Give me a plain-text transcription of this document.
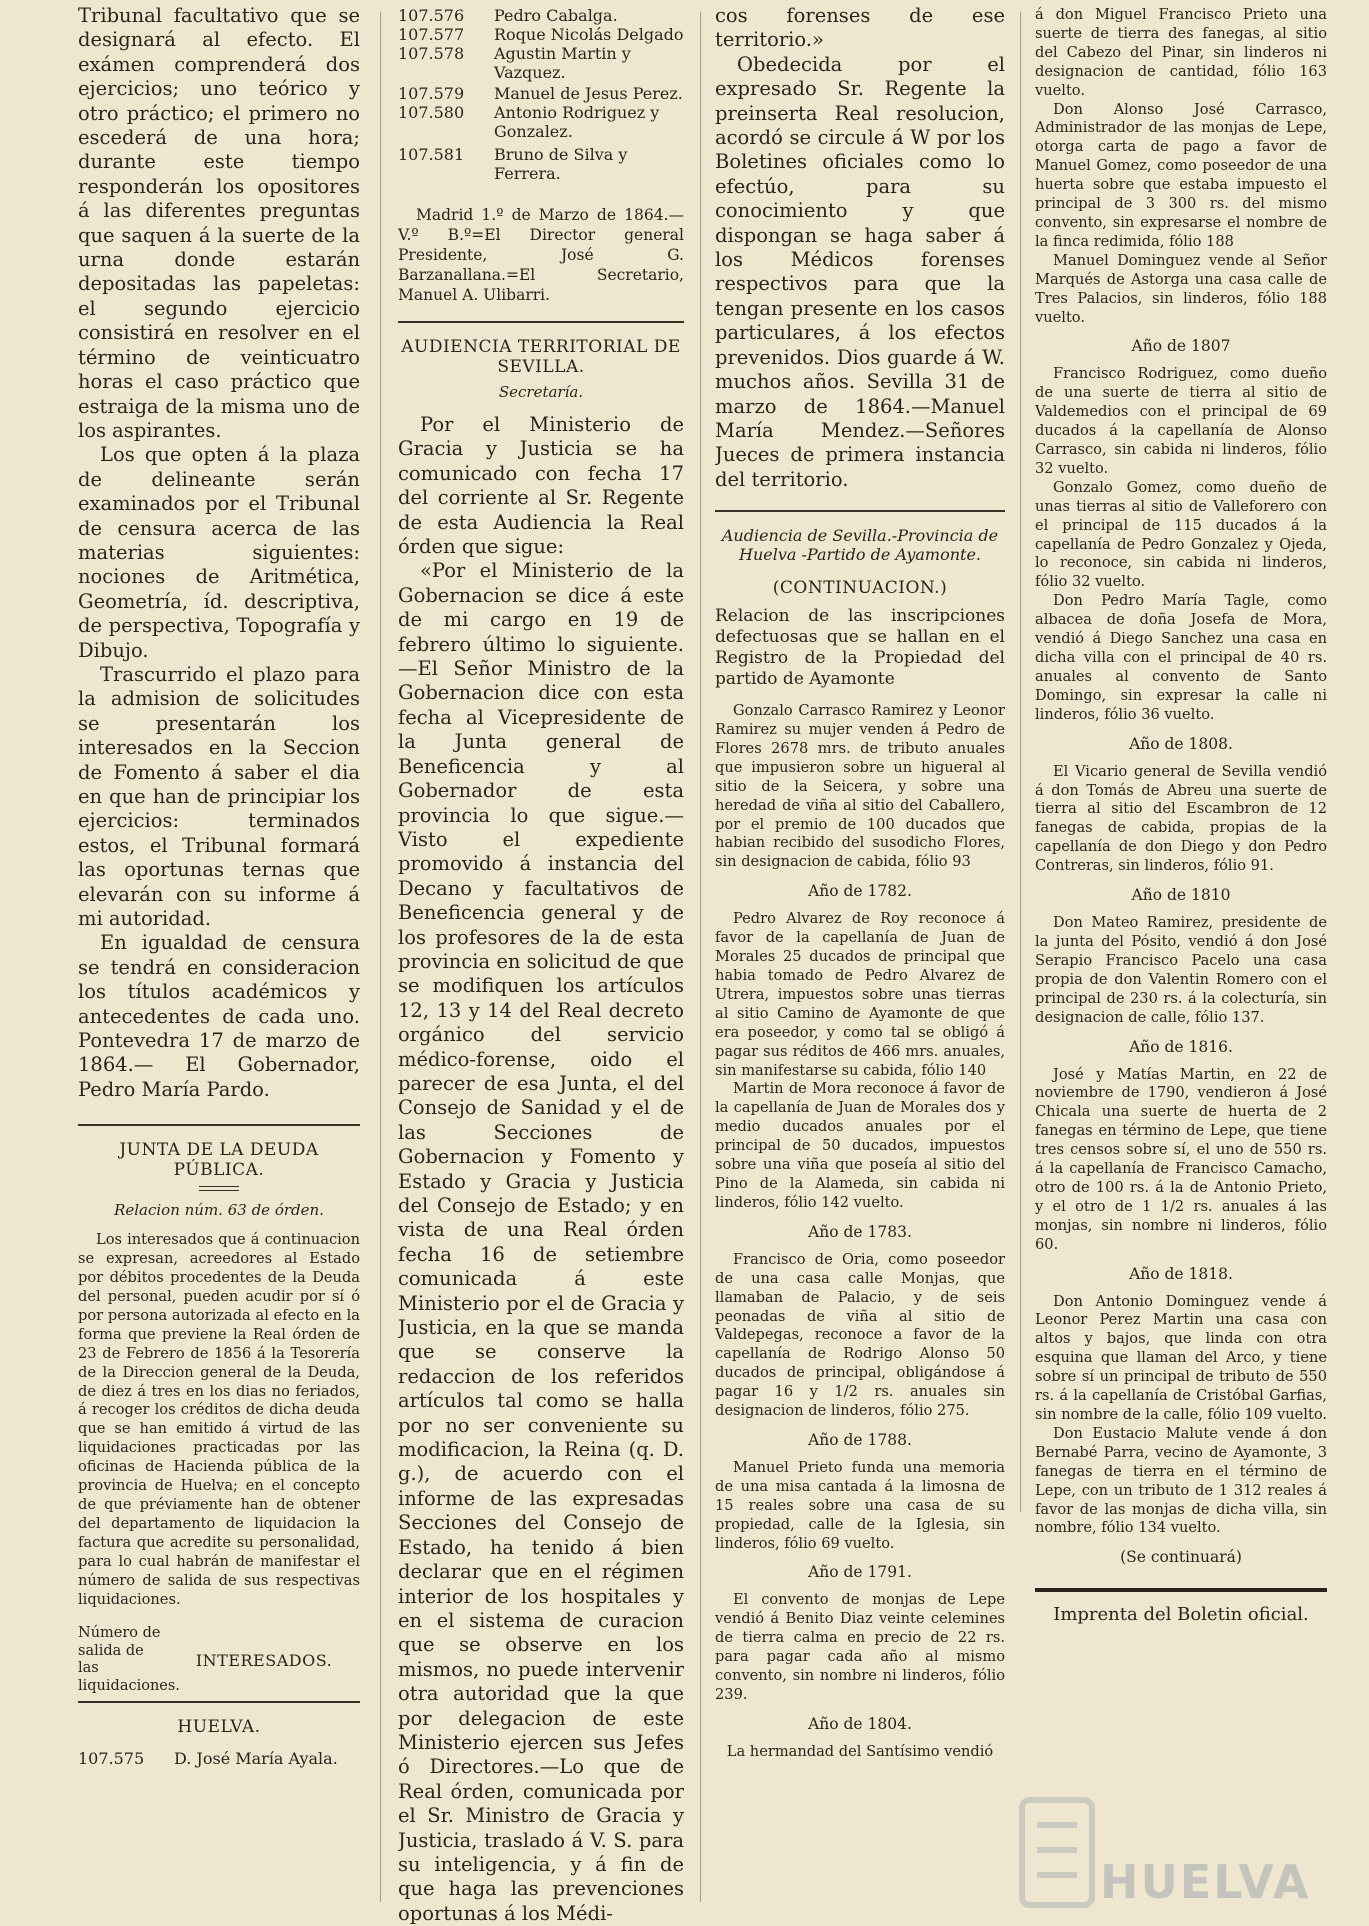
Tribunal facultativo que se designará al efecto. El exámen comprenderá dos ejercicios; uno teórico y otro práctico; el primero no escederá de una hora; durante este tiempo responderán los opositores á las diferentes preguntas que saquen á la suerte de la urna donde estarán depositadas las papeletas: el segundo ejercicio consistirá en resolver en el término de veinticuatro horas el caso práctico que estraiga de la misma uno de los aspirantes.

Los que opten á la plaza de delineante serán examinados por el Tribunal de censura acerca de las materias siguientes: nociones de Aritmética, Geometría, íd. descriptiva, de perspectiva, Topografía y Dibujo.

Trascurrido el plazo para la admision de solicitudes se presentarán los interesados en la Seccion de Fomento á saber el dia en que han de principiar los ejercicios: terminados estos, el Tribunal formará las oportunas ternas que elevarán con su informe á mi autoridad.

En igualdad de censura se tendrá en consideracion los títulos académicos y antecedentes de cada uno. Pontevedra 17 de marzo de 1864.— El Gobernador, Pedro María Pardo.

JUNTA DE LA DEUDA PÚBLICA.
Relacion núm. 63 de órden.

Los interesados que á continuacion se expresan, acreedores al Estado por débitos procedentes de la Deuda del personal, pueden acudir por sí ó por persona autorizada al efecto en la forma que previene la Real órden de 23 de Febrero de 1856 á la Tesorería de la Direccion general de la Deuda, de diez á tres en los dias no feriados, á recoger los créditos de dicha deuda que se han emitido á virtud de las liquidaciones practicadas por las oficinas de Hacienda pública de la provincia de Huelva; en el concepto de que préviamente han de obtener del departamento de liquidacion la factura que acredite su personalidad, para lo cual habrán de manifestar el número de salida de sus respectivas liquidaciones.

Número de salida de las liquidaciones.
INTERESADOS.
HUELVA.
107.575	D. José María Ayala.
107.576	Pedro Cabalga.
107.577	Roque Nicolás Delgado
107.578	Agustin Martin y Vazquez.
107.579	Manuel de Jesus Perez.
107.580	Antonio Rodriguez y Gonzalez.
107.581	Bruno de Silva y Ferrera.

Madrid 1.º de Marzo de 1864.—V.º B.º=El Director general Presidente, José G. Barzanallana.=El Secretario, Manuel A. Ulibarri.

AUDIENCIA TERRITORIAL DE SEVILLA.
Secretaría.

Por el Ministerio de Gracia y Justicia se ha comunicado con fecha 17 del corriente al Sr. Regente de esta Audiencia la Real órden que sigue:

«Por el Ministerio de la Gobernacion se dice á este de mi cargo en 19 de febrero último lo siguiente.—El Señor Ministro de la Gobernacion dice con esta fecha al Vicepresidente de la Junta general de Beneficencia y al Gobernador de esta provincia lo que sigue.—Visto el expediente promovido á instancia del Decano y facultativos de Beneficencia general y de los profesores de la de esta provincia en solicitud de que se modifiquen los artículos 12, 13 y 14 del Real decreto orgánico del servicio médico-forense, oido el parecer de esa Junta, el del Consejo de Sanidad y el de las Secciones de Gobernacion y Fomento y Estado y Gracia y Justicia del Consejo de Estado; y en vista de una Real órden fecha 16 de setiembre comunicada á este Ministerio por el de Gracia y Justicia, en la que se manda que se conserve la redaccion de los referidos artículos tal como se halla por no ser conveniente su modificacion, la Reina (q. D. g.), de acuerdo con el informe de las expresadas Secciones del Consejo de Estado, ha tenido á bien declarar que en el régimen interior de los hospitales y en el sistema de curacion que se observe en los mismos, no puede intervenir otra autoridad que la que por delegacion de este Ministerio ejercen sus Jefes ó Directores.—Lo que de Real órden, comunicada por el Sr. Ministro de Gracia y Justicia, traslado á V. S. para su inteligencia, y á fin de que haga las prevenciones oportunas á los Médi-

cos forenses de ese territorio.»

Obedecida por el expresado Sr. Regente la preinserta Real resolucion, acordó se circule á W por los Boletines oficiales como lo efectúo, para su conocimiento y que dispongan se haga saber á los Médicos forenses respectivos para que la tengan presente en los casos particulares, á los efectos prevenidos. Dios guarde á W. muchos años. Sevilla 31 de marzo de 1864.—Manuel María Mendez.—Señores Jueces de primera instancia del territorio.

Audiencia de Sevilla.-Provincia de Huelva -Partido de Ayamonte.
(CONTINUACION.)

Relacion de las inscripciones defectuosas que se hallan en el Registro de la Propiedad del partido de Ayamonte

Gonzalo Carrasco Ramirez y Leonor Ramirez su mujer venden á Pedro de Flores 2678 mrs. de tributo anuales que impusieron sobre un higueral al sitio de la Seicera, y sobre una heredad de viña al sitio del Caballero, por el premio de 100 ducados que habian recibido del susodicho Flores, sin designacion de cabida, fólio 93

Año de 1782.

Pedro Alvarez de Roy reconoce á favor de la capellanía de Juan de Morales 25 ducados de principal que habia tomado de Pedro Alvarez de Utrera, impuestos sobre unas tierras al sitio Camino de Ayamonte de que era poseedor, y como tal se obligó á pagar sus réditos de 466 mrs. anuales, sin manifestarse su cabida, fólio 140

Martin de Mora reconoce á favor de la capellanía de Juan de Morales dos y medio ducados anuales por el principal de 50 ducados, impuestos sobre una viña que poseía al sitio del Pino de la Alameda, sin cabida ni linderos, fólio 142 vuelto.

Año de 1783.

Francisco de Oria, como poseedor de una casa calle Monjas, que llamaban de Palacio, y de seis peonadas de viña al sitio de Valdepegas, reconoce a favor de la capellanía de Rodrigo Alonso 50 ducados de principal, obligándose á pagar 16 y 1/2 rs. anuales sin designacion de linderos, fólio 275.

Año de 1788.

Manuel Prieto funda una memoria de una misa cantada á la limosna de 15 reales sobre una casa de su propiedad, calle de la Iglesia, sin linderos, fólio 69 vuelto.

Año de 1791.

El convento de monjas de Lepe vendió á Benito Diaz veinte celemines de tierra calma en precio de 22 rs. para pagar cada año al mismo convento, sin nombre ni linderos, fólio 239.

Año de 1804.

La hermandad del Santísimo vendió

á don Miguel Francisco Prieto una suerte de tierra des fanegas, al sitio del Cabezo del Pinar, sin linderos ni designacion de cantidad, fólio 163 vuelto.

Don Alonso José Carrasco, Administrador de las monjas de Lepe, otorga carta de pago a favor de Manuel Gomez, como poseedor de una huerta sobre que estaba impuesto el principal de 3 300 rs. del mismo convento, sin expresarse el nombre de la finca redimida, fólio 188

Manuel Dominguez vende al Señor Marqués de Astorga una casa calle de Tres Palacios, sin linderos, fólio 188 vuelto.

Año de 1807

Francisco Rodriguez, como dueño de una suerte de tierra al sitio de Valdemedios con el principal de 69 ducados á la capellanía de Alonso Carrasco, sin cabida ni linderos, fólio 32 vuelto.

Gonzalo Gomez, como dueño de unas tierras al sitio de Valleforero con el principal de 115 ducados á la capellanía de Pedro Gonzalez y Ojeda, lo reconoce, sin cabida ni linderos, fólio 32 vuelto.

Don Pedro María Tagle, como albacea de doña Josefa de Mora, vendió á Diego Sanchez una casa en dicha villa con el principal de 40 rs. anuales al convento de Santo Domingo, sin expresar la calle ni linderos, fólio 36 vuelto.

Año de 1808.

El Vicario general de Sevilla vendió á don Tomás de Abreu una suerte de tierra al sitio del Escambron de 12 fanegas de cabida, propias de la capellanía de don Diego y don Pedro Contreras, sin linderos, fólio 91.

Año de 1810

Don Mateo Ramirez, presidente de la junta del Pósito, vendió á don José Serapio Francisco Pacelo una casa propia de don Valentin Romero con el principal de 230 rs. á la colecturía, sin designacion de calle, fólio 137.

Año de 1816.

José y Matías Martin, en 22 de noviembre de 1790, vendieron á José Chicala una suerte de huerta de 2 fanegas en término de Lepe, que tiene tres censos sobre sí, el uno de 550 rs. á la capellanía de Francisco Camacho, otro de 100 rs. á la de Antonio Prieto, y el otro de 1 1/2 rs. anuales á las monjas, sin nombre ni linderos, fólio 60.

Año de 1818.

Don Antonio Dominguez vende á Leonor Perez Martin una casa con altos y bajos, que linda con otra esquina que llaman del Arco, y tiene sobre sí un principal de tributo de 550 rs. á la capellanía de Cristóbal Garfias, sin nombre de la calle, fólio 109 vuelto.

Don Eustacio Malute vende á don Bernabé Parra, vecino de Ayamonte, 3 fanegas de tierra en el término de Lepe, con un tributo de 1 312 reales á favor de las monjas de dicha villa, sin nombre, fólio 134 vuelto.

(Se continuará)
Imprenta del Boletin oficial.
HUELVA
